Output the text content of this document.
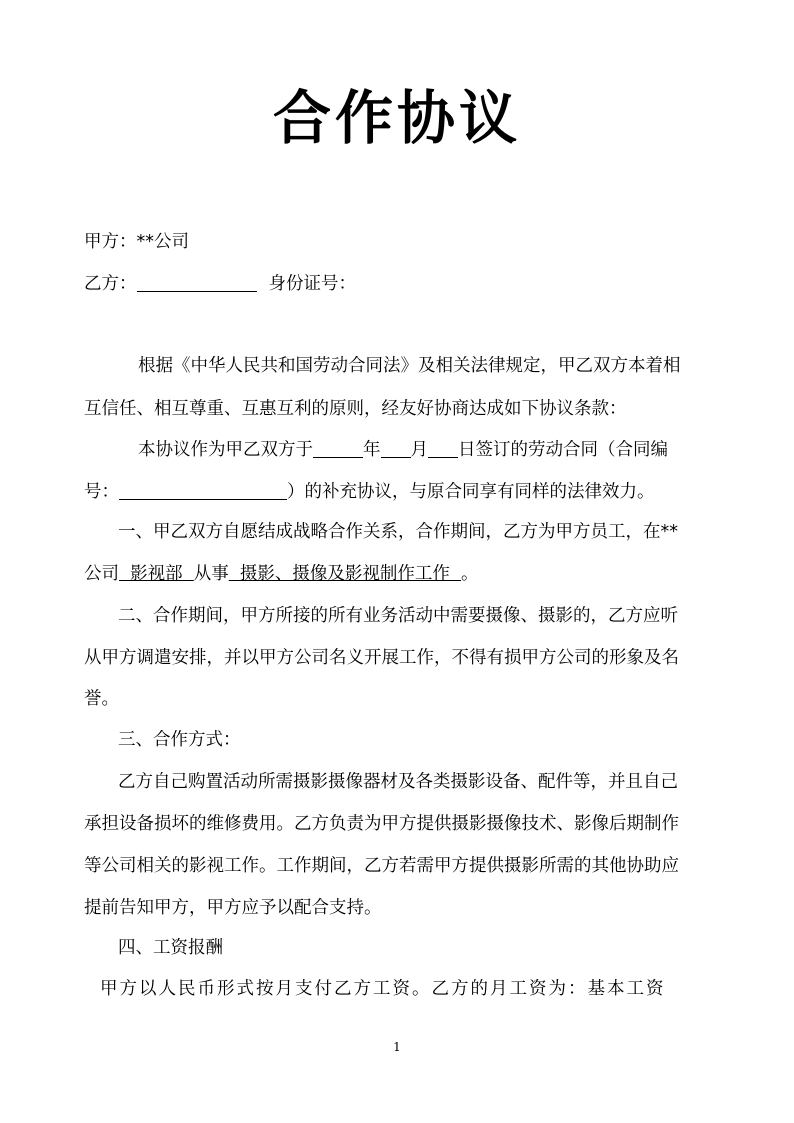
合作协议
甲方：**公司
乙方：	身份证号：
根据《中华人民共和国劳动合同法》及相关法律规定，甲乙双方本着相
互信任、相互尊重、互惠互利的原则，经友好协商达成如下协议条款：
本协议作为甲乙双方于	年 月 日签订的劳动合同（合同编
号：	）的补充协议，与原合同享有同样的法律效力。
一、甲乙双方自愿结成战略合作关系，合作期间，乙方为甲方员工，在**
公司  影视部  从事  摄影、摄像及影视制作工作  。
二、合作期间，甲方所接的所有业务活动中需要摄像、摄影的，乙方应听
从甲方调遣安排，并以甲方公司名义开展工作，不得有损甲方公司的形象及名
誉。
三、合作方式：
乙方自己购置活动所需摄影摄像器材及各类摄影设备、配件等，并且自己
承担设备损坏的维修费用。乙方负责为甲方提供摄影摄像技术、影像后期制作
等公司相关的影视工作。工作期间，乙方若需甲方提供摄影所需的其他协助应
提前告知甲方，甲方应予以配合支持。
四、工资报酬
甲方以人民币形式按月支付乙方工资。乙方的月工资为：基本工资
1
